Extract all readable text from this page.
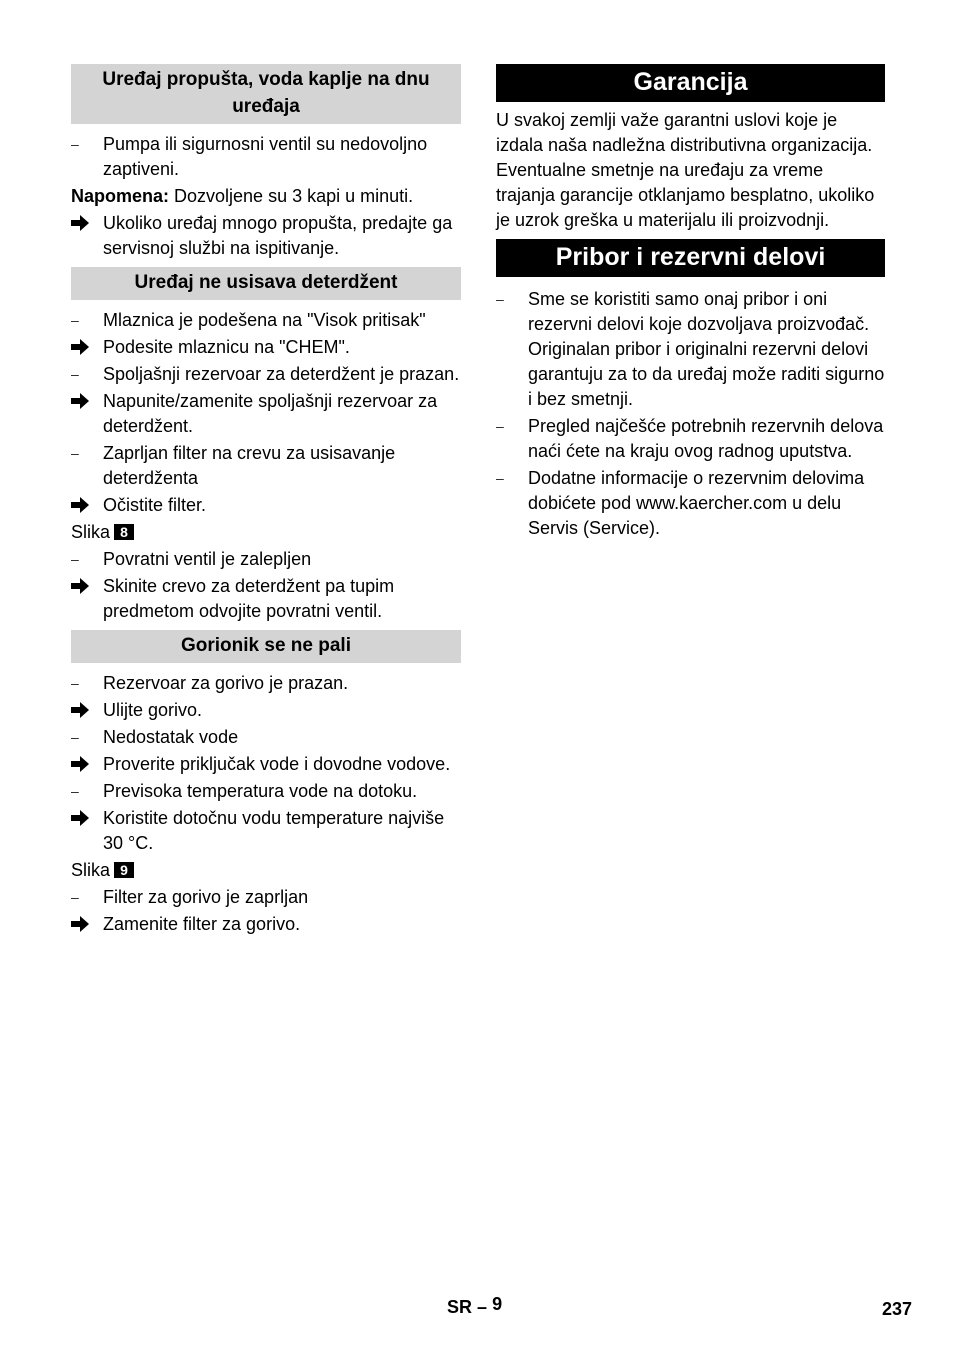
Uređaj propušta, voda kaplje na dnu uređaja
–	Pumpa ili sigurnosni ventil su nedovoljno zaptiveni.
Napomena: Dozvoljene su 3 kapi u minuti.
Ukoliko uređaj mnogo propušta, predajte ga servisnoj službi na ispitivanje.
Uređaj ne usisava deterdžent
–	Mlaznica je podešena na "Visok pritisak"
Podesite mlaznicu na "CHEM".
–	Spoljašnji rezervoar za deterdžent je prazan.
Napunite/zamenite spoljašnji rezervoar za deterdžent.
–	Zaprljan filter na crevu za usisavanje deterdženta
Očistite filter.
Slika 8
–	Povratni ventil je zalepljen
Skinite crevo za deterdžent pa tupim predmetom odvojite povratni ventil.
Gorionik se ne pali
–	Rezervoar za gorivo je prazan.
Ulijte gorivo.
–	Nedostatak vode
Proverite priključak vode i dovodne vodove.
–	Previsoka temperatura vode na dotoku.
Koristite dotočnu vodu temperature najviše 30 °C.
Slika 9
–	Filter za gorivo je zaprljan
Zamenite filter za gorivo.
Garancija
U svakoj zemlji važe garantni uslovi koje je izdala naša nadležna distributivna organizacija. Eventualne smetnje na uređaju za vreme trajanja garancije otklanjamo besplatno, ukoliko je uzrok greška u materijalu ili proizvodnji.
Pribor i rezervni delovi
–	Sme se koristiti samo onaj pribor i oni rezervni delovi koje dozvoljava proizvođač. Originalan pribor i originalni rezervni delovi garantuju za to da uređaj može raditi sigurno i bez smetnji.
–	Pregled najčešće potrebnih rezervnih delova naći ćete na kraju ovog radnog uputstva.
–	Dodatne informacije o rezervnim delovima dobićete pod www.kaercher.com u delu Servis (Service).
SR – 9	237
